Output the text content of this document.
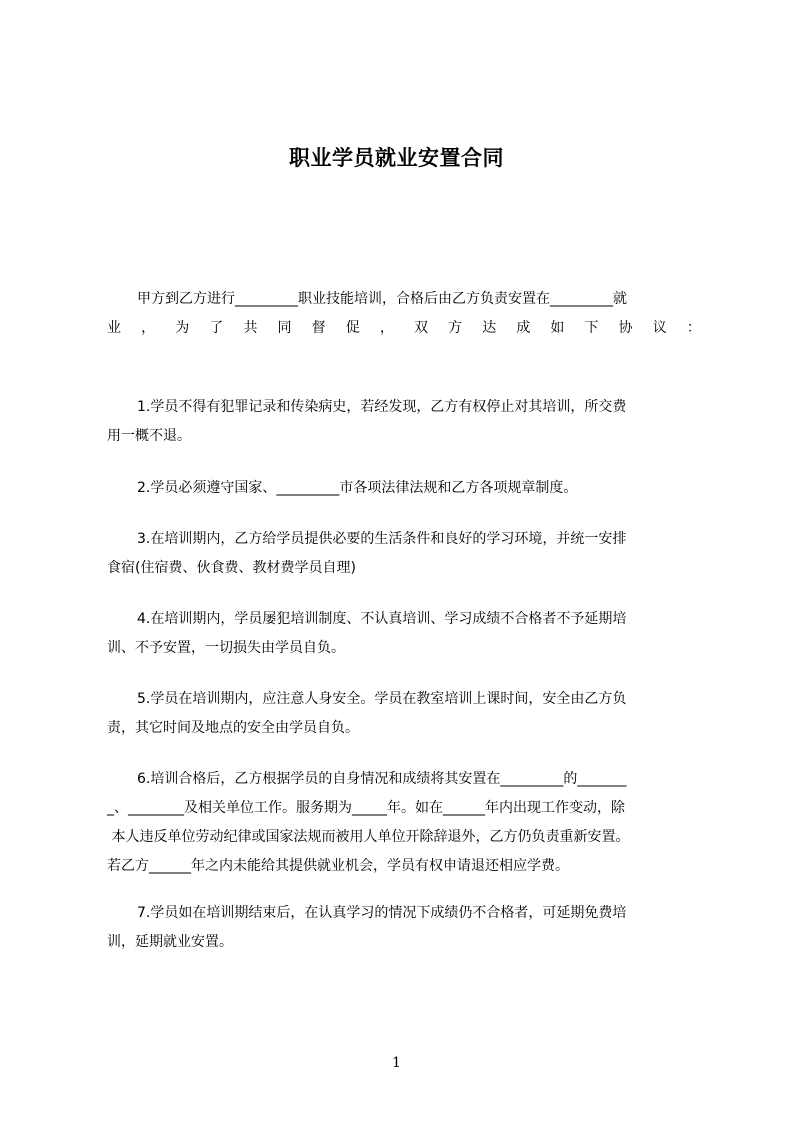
职业学员就业安置合同
甲方到乙方进行_________职业技能培训，合格后由乙方负责安置在_________就
业 ， 为 了 共 同 督 促 ， 双 方 达 成 如 下 协 议 ：
1.学员不得有犯罪记录和传染病史，若经发现，乙方有权停止对其培训，所交费
用一概不退。
2.学员必须遵守国家、_________市各项法律法规和乙方各项规章制度。
3.在培训期内，乙方给学员提供必要的生活条件和良好的学习环境，并统一安排
食宿(住宿费、伙食费、教材费学员自理)
4.在培训期内，学员屡犯培训制度、不认真培训、学习成绩不合格者不予延期培
训、不予安置，一切损失由学员自负。
5.学员在培训期内，应注意人身安全。学员在教室培训上课时间，安全由乙方负
责，其它时间及地点的安全由学员自负。
6.培训合格后，乙方根据学员的自身情况和成绩将其安置在_________的_______
_、________及相关单位工作。服务期为_____年。如在______年内出现工作变动，除
本人违反单位劳动纪律或国家法规而被用人单位开除辞退外，乙方仍负责重新安置。
若乙方______年之内未能给其提供就业机会，学员有权申请退还相应学费。
7.学员如在培训期结束后，在认真学习的情况下成绩仍不合格者，可延期免费培
训，延期就业安置。
1
